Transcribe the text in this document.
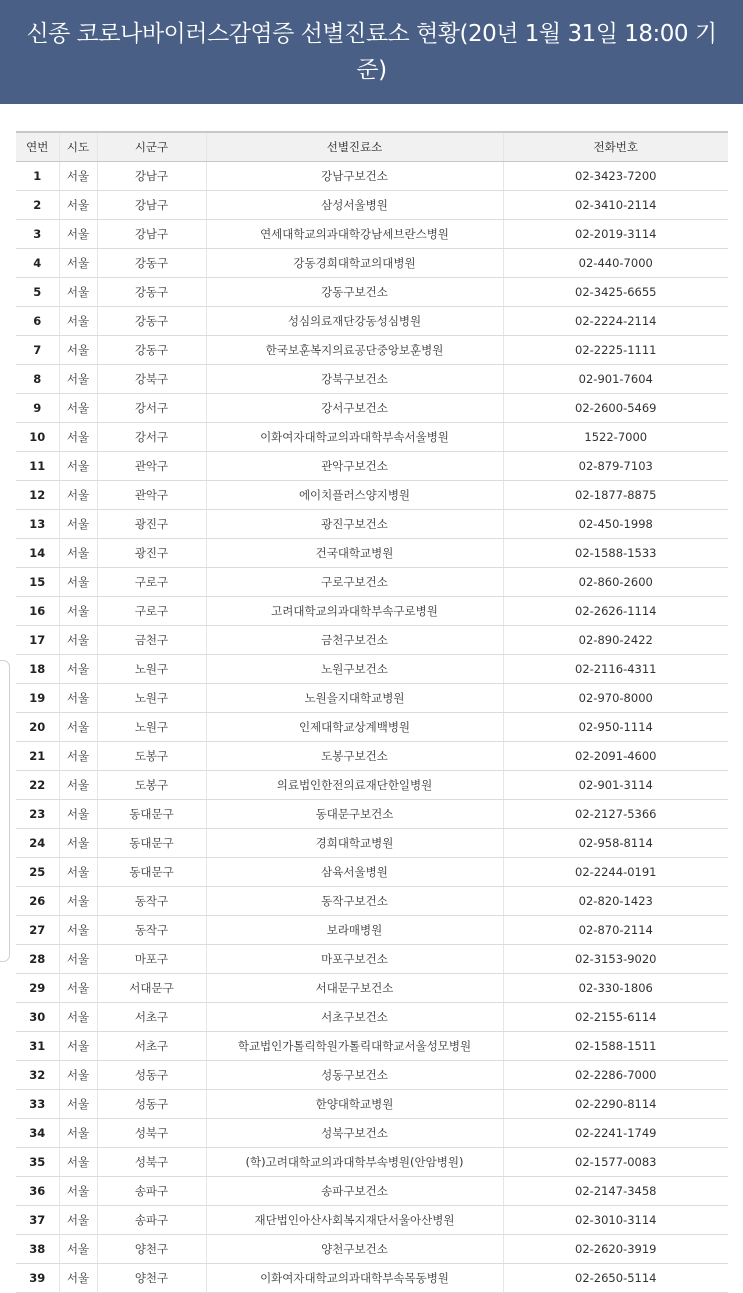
신종 코로나바이러스감염증 선별진료소 현황(20년 1월 31일 18:00 기준)
연번	시도	시군구	선별진료소	전화번호
1	서울	강남구	강남구보건소	02-3423-7200
2	서울	강남구	삼성서울병원	02-3410-2114
3	서울	강남구	연세대학교의과대학강남세브란스병원	02-2019-3114
4	서울	강동구	강동경희대학교의대병원	02-440-7000
5	서울	강동구	강동구보건소	02-3425-6655
6	서울	강동구	성심의료재단강동성심병원	02-2224-2114
7	서울	강동구	한국보훈복지의료공단중앙보훈병원	02-2225-1111
8	서울	강북구	강북구보건소	02-901-7604
9	서울	강서구	강서구보건소	02-2600-5469
10	서울	강서구	이화여자대학교의과대학부속서울병원	1522-7000
11	서울	관악구	관악구보건소	02-879-7103
12	서울	관악구	에이치플러스양지병원	02-1877-8875
13	서울	광진구	광진구보건소	02-450-1998
14	서울	광진구	건국대학교병원	02-1588-1533
15	서울	구로구	구로구보건소	02-860-2600
16	서울	구로구	고려대학교의과대학부속구로병원	02-2626-1114
17	서울	금천구	금천구보건소	02-890-2422
18	서울	노원구	노원구보건소	02-2116-4311
19	서울	노원구	노원을지대학교병원	02-970-8000
20	서울	노원구	인제대학교상계백병원	02-950-1114
21	서울	도봉구	도봉구보건소	02-2091-4600
22	서울	도봉구	의료법인한전의료재단한일병원	02-901-3114
23	서울	동대문구	동대문구보건소	02-2127-5366
24	서울	동대문구	경희대학교병원	02-958-8114
25	서울	동대문구	삼육서울병원	02-2244-0191
26	서울	동작구	동작구보건소	02-820-1423
27	서울	동작구	보라매병원	02-870-2114
28	서울	마포구	마포구보건소	02-3153-9020
29	서울	서대문구	서대문구보건소	02-330-1806
30	서울	서초구	서초구보건소	02-2155-6114
31	서울	서초구	학교법인가톨릭학원가톨릭대학교서울성모병원	02-1588-1511
32	서울	성동구	성동구보건소	02-2286-7000
33	서울	성동구	한양대학교병원	02-2290-8114
34	서울	성북구	성북구보건소	02-2241-1749
35	서울	성북구	(학)고려대학교의과대학부속병원(안암병원)	02-1577-0083
36	서울	송파구	송파구보건소	02-2147-3458
37	서울	송파구	재단법인아산사회복지재단서울아산병원	02-3010-3114
38	서울	양천구	양천구보건소	02-2620-3919
39	서울	양천구	이화여자대학교의과대학부속목동병원	02-2650-5114
